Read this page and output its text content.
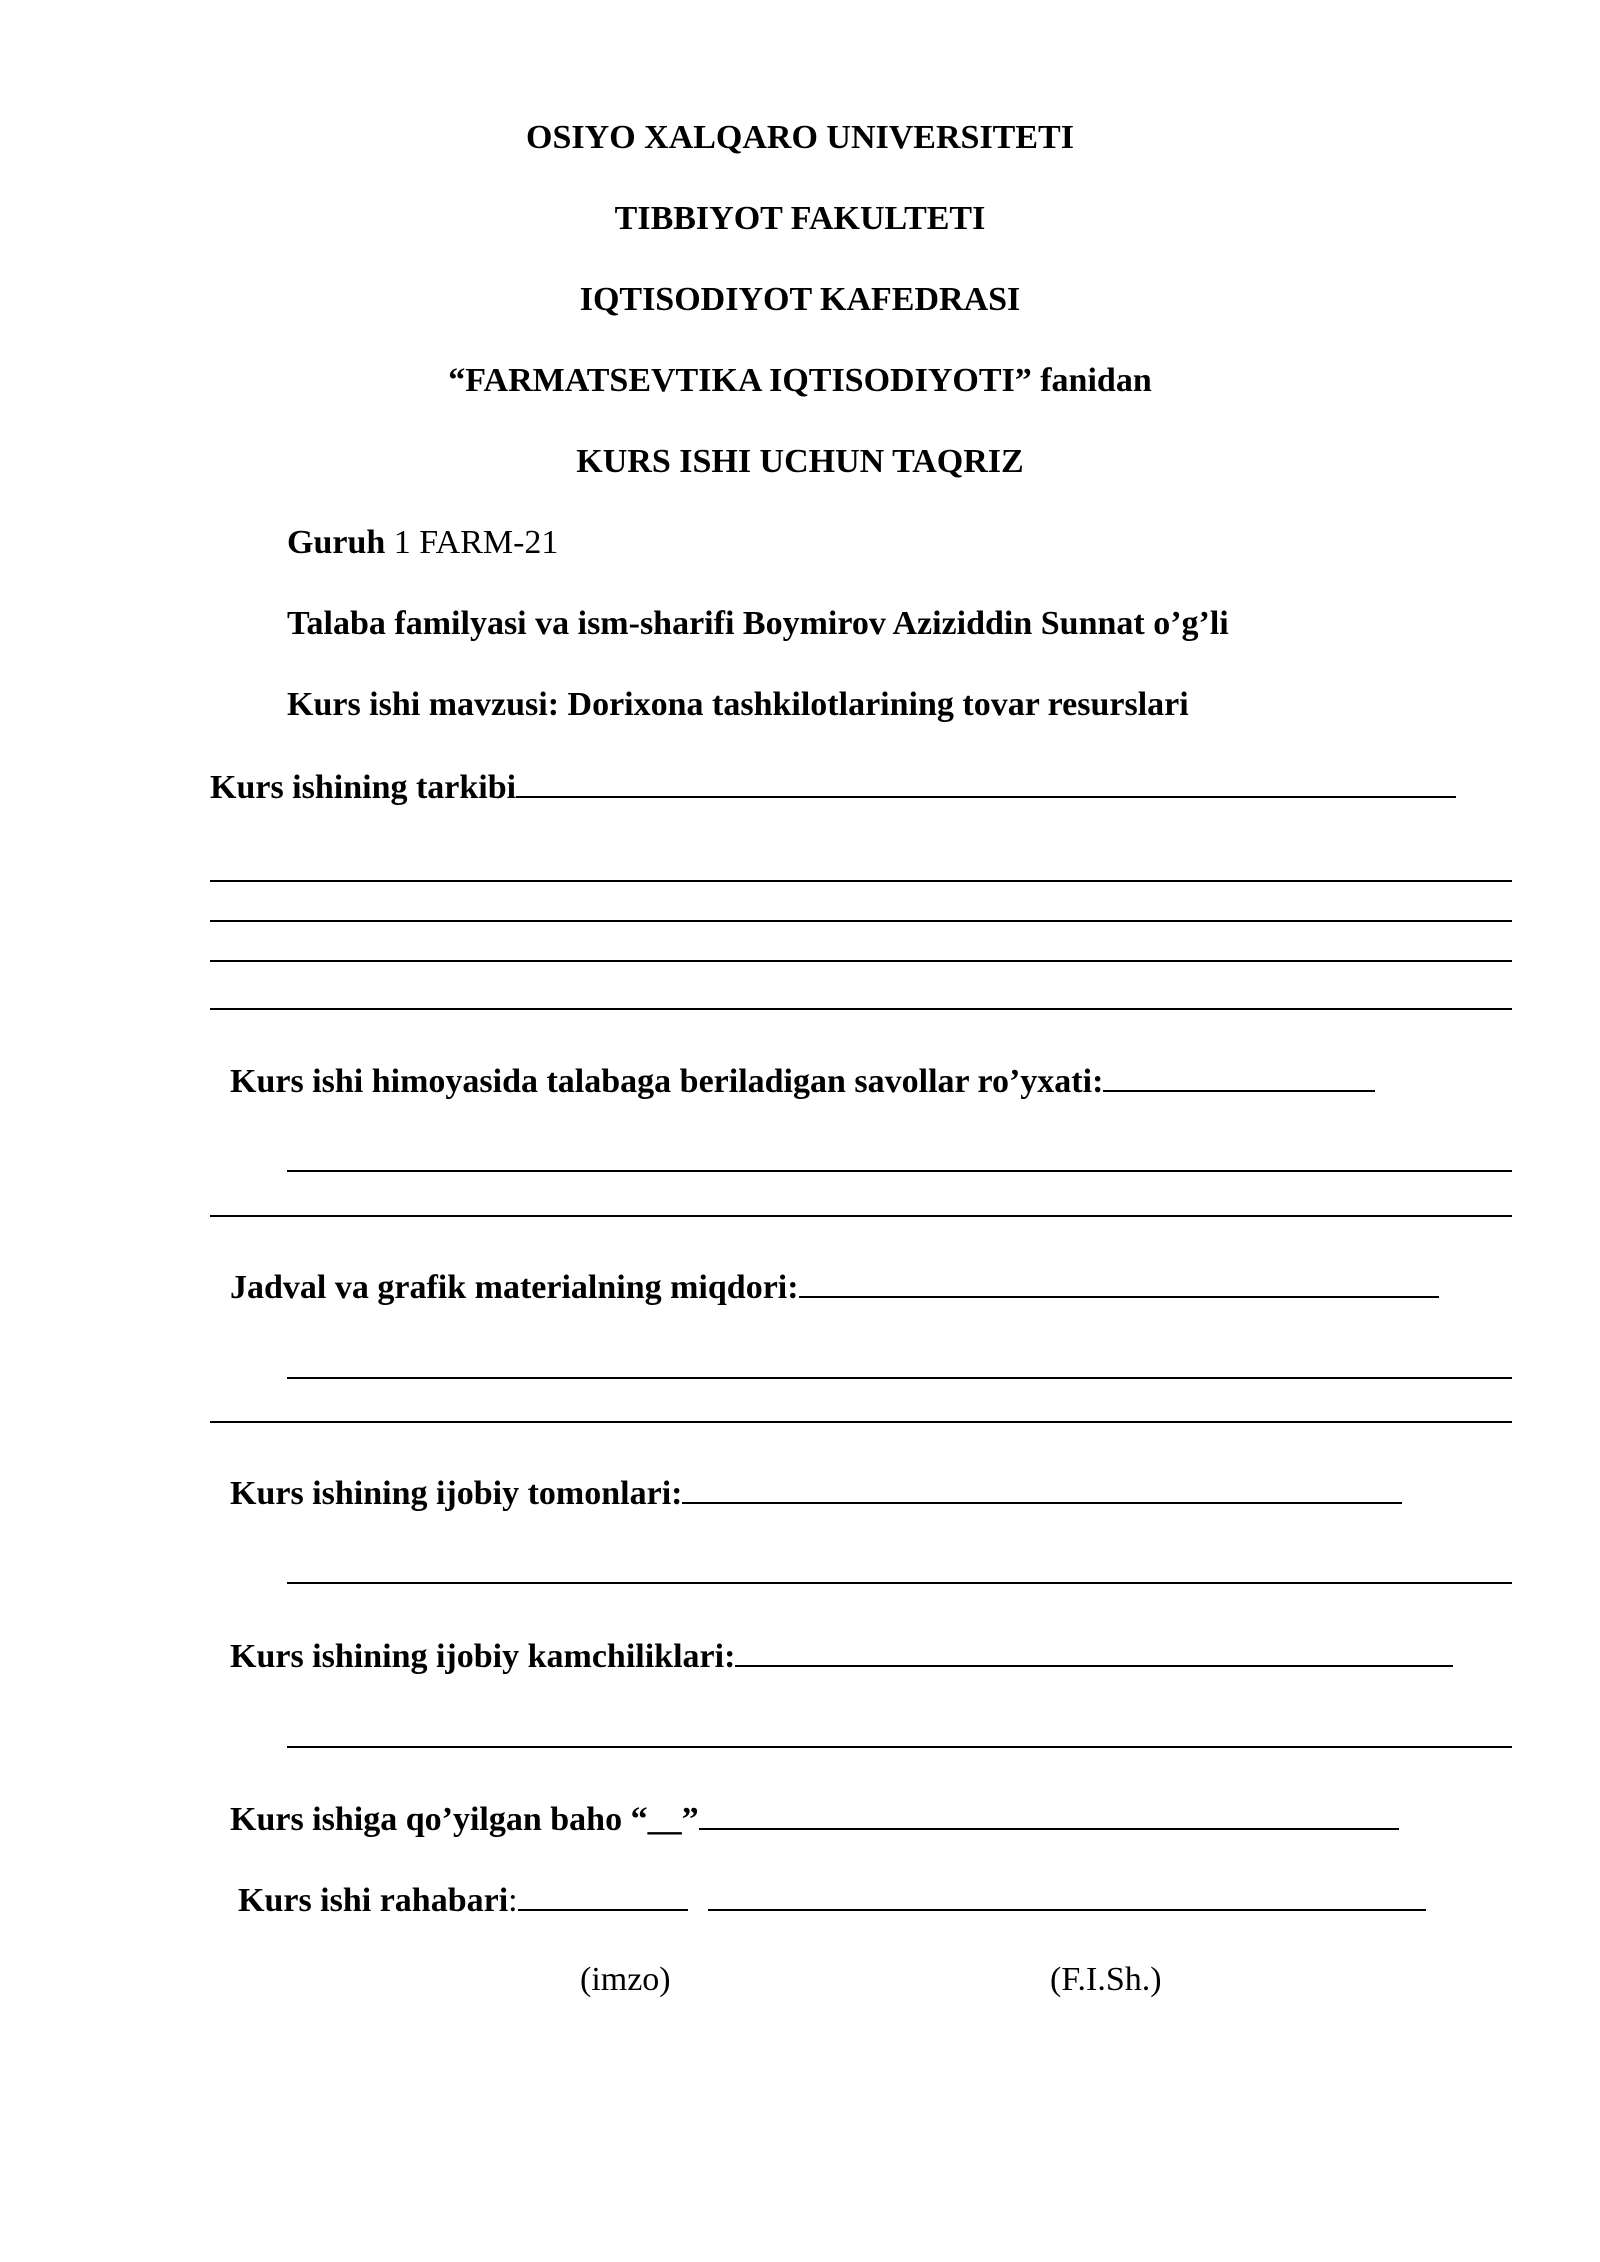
OSIYO XALQARO UNIVERSITETI
TIBBIYOT FAKULTETI
IQTISODIYOT KAFEDRASI
“FARMATSEVTIKA IQTISODIYOTI” fanidan
KURS ISHI UCHUN TAQRIZ
Guruh 1 FARM-21
Talaba familyasi va ism-sharifi Boymirov Aziziddin Sunnat o’g’li
Kurs ishi mavzusi: Dorixona tashkilotlarining tovar resurslari
Kurs ishining tarkibi
Kurs ishi himoyasida talabaga beriladigan savollar ro’yxati:
Jadval va grafik materialning miqdori:
Kurs ishining ijobiy tomonlari:
Kurs ishining ijobiy kamchiliklari:
Kurs ishiga qo’yilgan baho “__”
Kurs ishi rahabari:
(imzo)	(F.I.Sh.)
